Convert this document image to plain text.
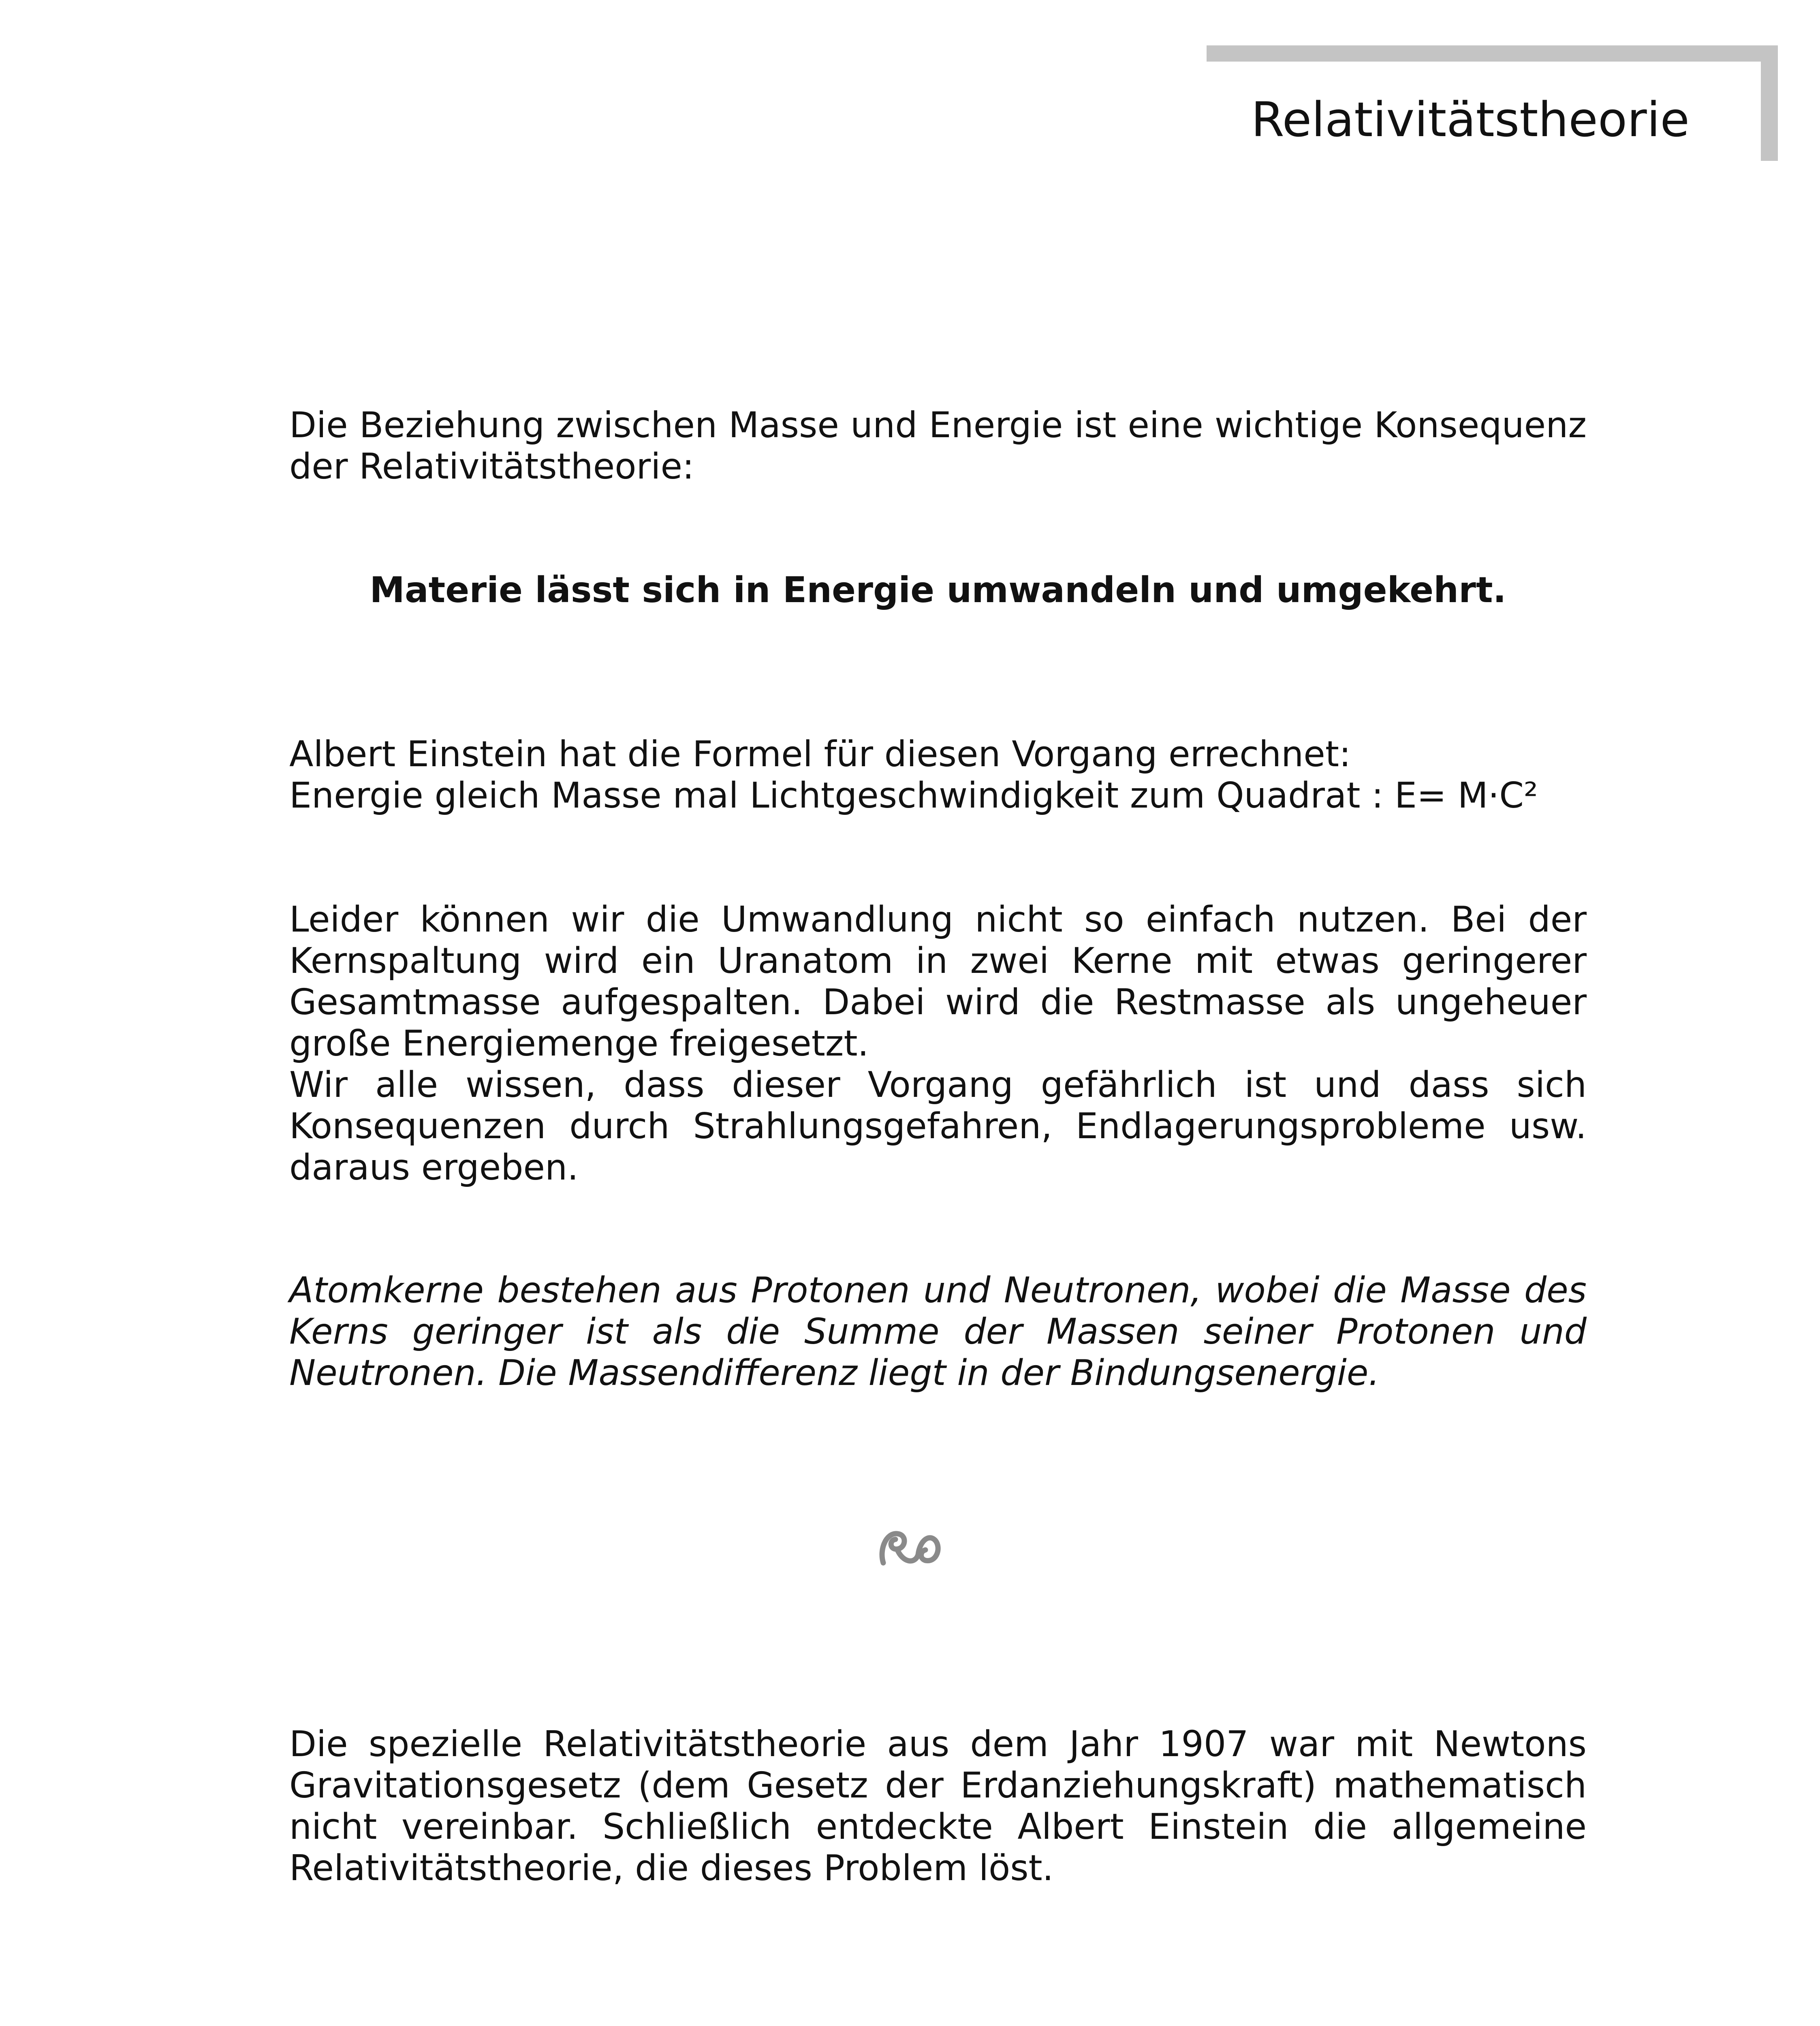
Relativitätstheorie

Die Beziehung zwischen Masse und Energie ist eine wichtige Konsequenz der Relativitätstheorie:

Materie lässt sich in Energie umwandeln und umgekehrt.

Albert Einstein hat die Formel für diesen Vorgang errechnet:

Energie gleich Masse mal Lichtgeschwindigkeit zum Quadrat : E= M·C²

Leider können wir die Umwandlung nicht so einfach nutzen. Bei der Kernspaltung wird ein Uranatom in zwei Kerne mit etwas geringerer Gesamtmasse aufgespalten. Dabei wird die Restmasse als ungeheuer große Energiemenge freigesetzt.

Wir alle wissen, dass dieser Vorgang gefährlich ist und dass sich Konsequenzen durch Strahlungsgefahren, Endlagerungsprobleme usw. daraus ergeben.

Atomkerne bestehen aus Protonen und Neutronen, wobei die Masse des Kerns geringer ist als die Summe der Massen seiner Protonen und Neutronen. Die Massendifferenz liegt in der Bindungsenergie.

Die spezielle Relativitätstheorie aus dem Jahr 1907 war mit Newtons Gravitationsgesetz (dem Gesetz der Erdanziehungskraft) mathematisch nicht vereinbar. Schließlich entdeckte Albert Einstein die allgemeine Relativitätstheorie, die dieses Problem löst.
